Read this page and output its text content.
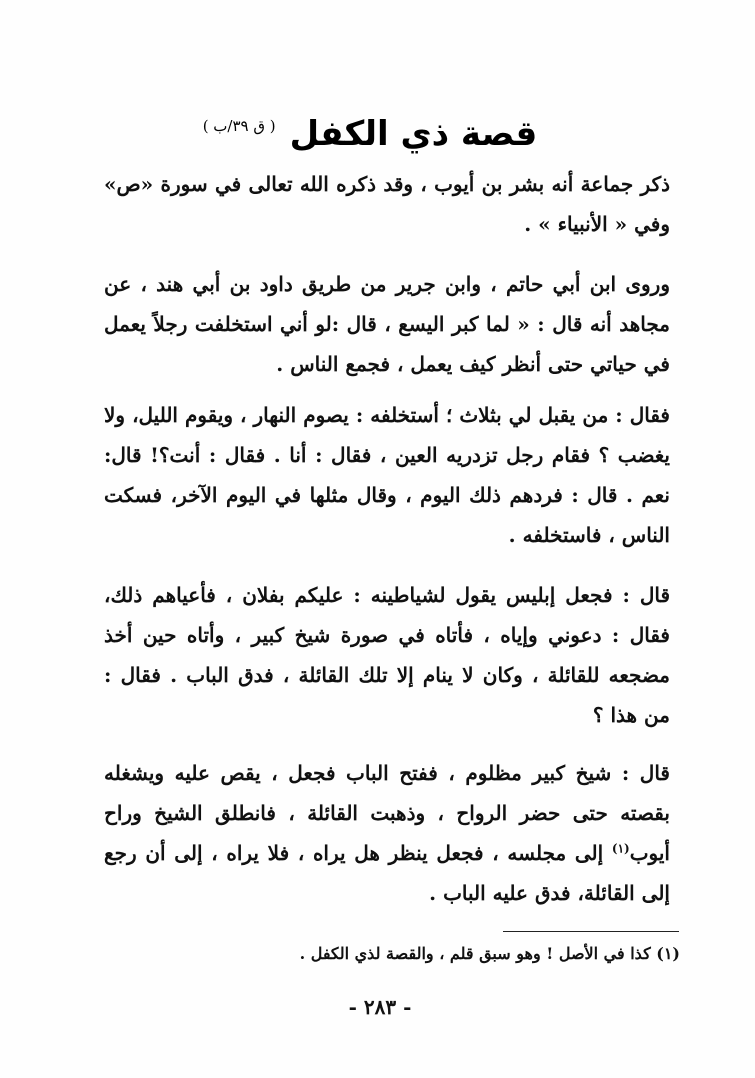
قصة ذي الكفل
( ق ٣٩/ب )

ذكر جماعة أنه بشر بن أيوب ، وقد ذكره الله تعالى في سورة «ص» وفي « الأنبياء » .

وروى ابن أبي حاتم ، وابن جرير من طريق داود بن أبي هند ، عن مجاهد أنه قال : « لما كبر اليسع ، قال :لو أني استخلفت رجلاً يعمل في حياتي حتى أنظر كيف يعمل ، فجمع الناس .

فقال : من يقبل لي بثلاث ؛ أستخلفه : يصوم النهار ، ويقوم الليل، ولا يغضب ؟ فقام رجل تزدريه العين ، فقال : أنا . فقال : أنت؟! قال: نعم . قال : فردهم ذلك اليوم ، وقال مثلها في اليوم الآخر، فسكت الناس ، فاستخلفه .

قال : فجعل إبليس يقول لشياطينه : عليكم بفلان ، فأعياهم ذلك، فقال : دعوني وإياه ، فأتاه في صورة شيخ كبير ، وأتاه حين أخذ مضجعه للقائلة ، وكان لا ينام إلا تلك القائلة ، فدق الباب . فقال : من هذا ؟

قال : شيخ كبير مظلوم ، ففتح الباب فجعل ، يقص عليه ويشغله بقصته حتى حضر الرواح ، وذهبت القائلة ، فانطلق الشيخ وراح أيوب$^{(١)}$ إلى مجلسه ، فجعل ينظر هل يراه ، فلا يراه ، إلى أن رجع إلى القائلة، فدق عليه الباب .

(١) كذا في الأصل ! وهو سبق قلم ، والقصة لذي الكفل .

- ٢٨٣ -
